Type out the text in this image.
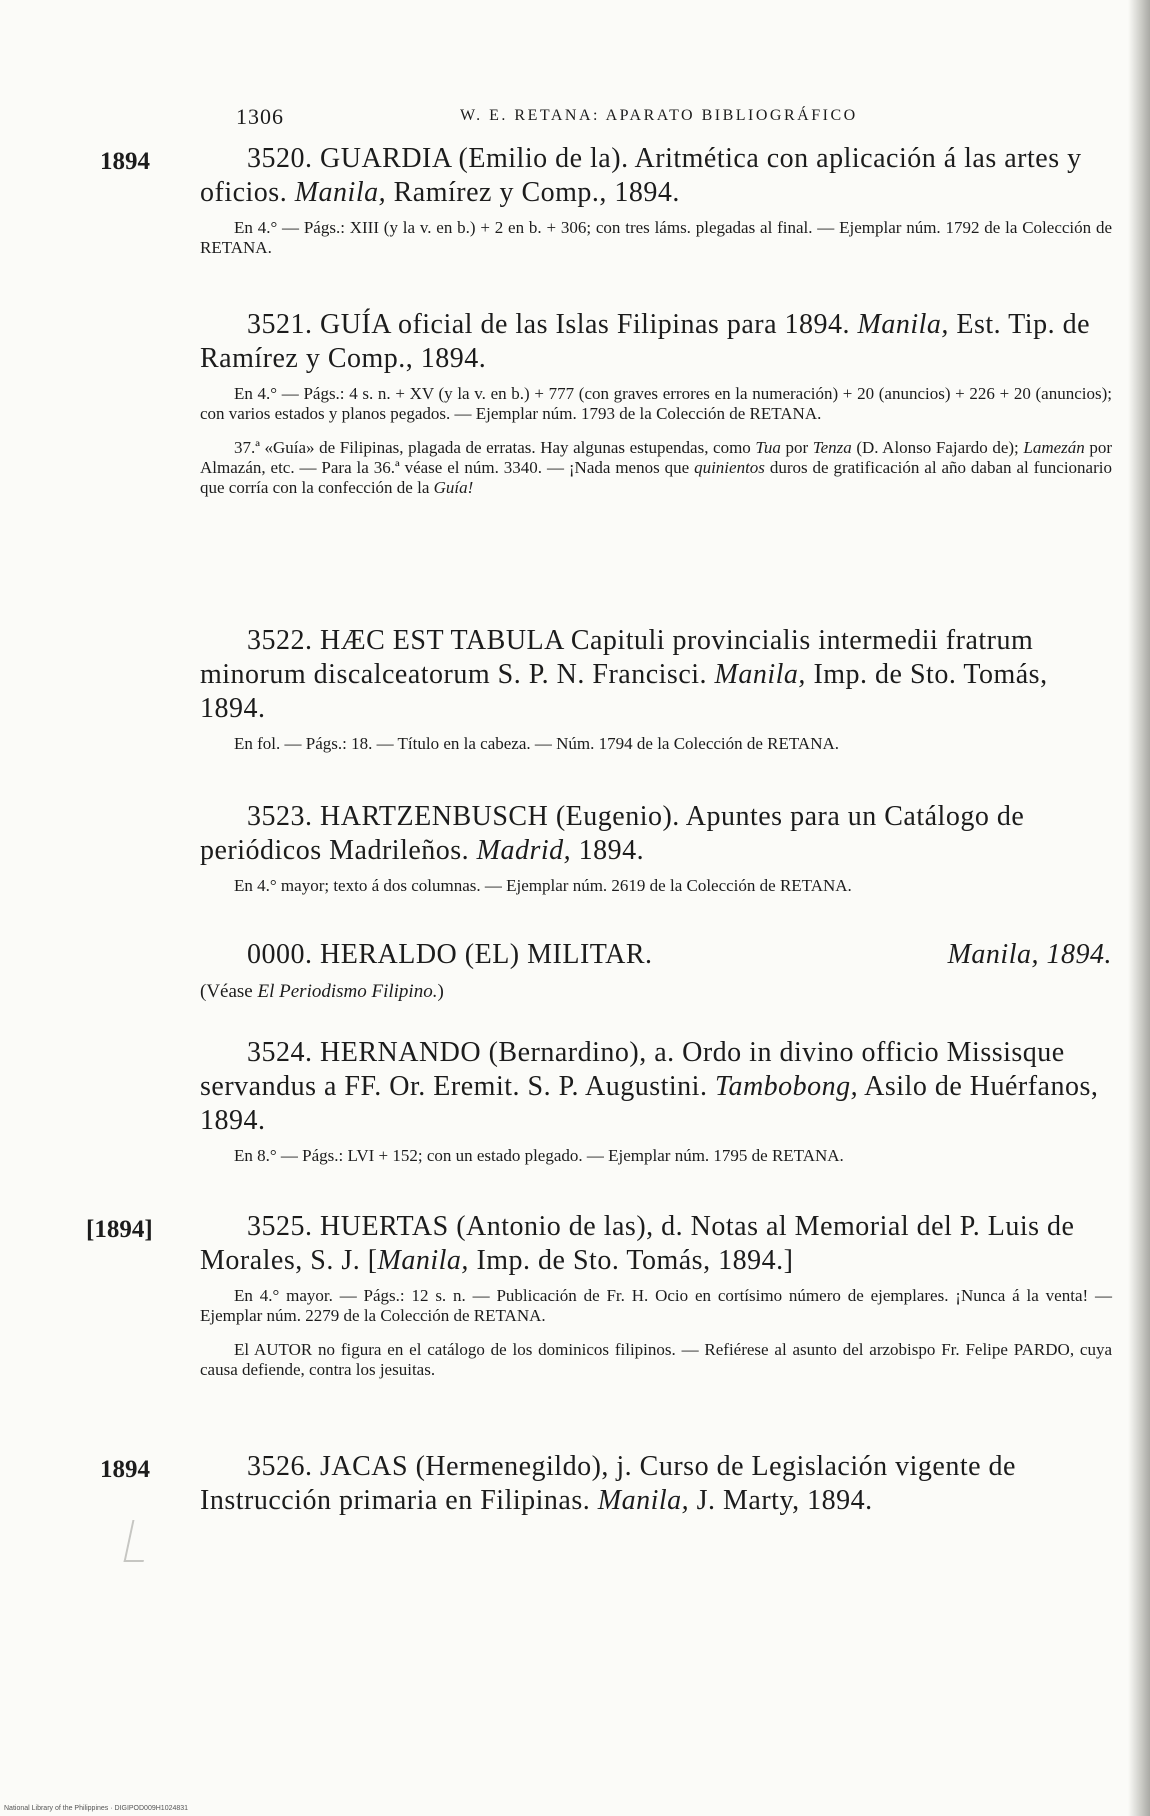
1306	W. E. RETANA: APARATO BIBLIOGRÁFICO
1894	3520. GUARDIA (Emilio de la). Aritmética con aplicación á las artes y oficios. Manila, Ramírez y Comp., 1894.

En 4.° — Págs.: XIII (y la v. en b.) + 2 en b. + 306; con tres láms. plegadas al final. — Ejemplar núm. 1792 de la Colección de RETANA.

3521. GUÍA oficial de las Islas Filipinas para 1894. Manila, Est. Tip. de Ramírez y Comp., 1894.

En 4.° — Págs.: 4 s. n. + XV (y la v. en b.) + 777 (con graves errores en la numeración) + 20 (anuncios) + 226 + 20 (anuncios); con varios estados y planos pegados. — Ejemplar núm. 1793 de la Colección de RETANA.

37.ª «Guía» de Filipinas, plagada de erratas. Hay algunas estupendas, como Tua por Tenza (D. Alonso Fajardo de); Lamezán por Almazán, etc. — Para la 36.ª véase el núm. 3340. — ¡Nada menos que quinientos duros de gratificación al año daban al funcionario que corría con la confección de la Guía!

3522. HÆC EST TABULA Capituli provincialis intermedii fratrum minorum discalceatorum S. P. N. Francisci. Manila, Imp. de Sto. Tomás, 1894.

En fol. — Págs.: 18. — Título en la cabeza. — Núm. 1794 de la Colección de RETANA.

3523. HARTZENBUSCH (Eugenio). Apuntes para un Catálogo de periódicos Madrileños. Madrid, 1894.

En 4.° mayor; texto á dos columnas. — Ejemplar núm. 2619 de la Colección de RETANA.

0000. HERALDO (EL) MILITAR.	Manila, 1894.

(Véase El Periodismo Filipino.)

3524. HERNANDO (Bernardino), a. Ordo in divino officio Missisque servandus a FF. Or. Eremit. S. P. Augustini. Tambobong, Asilo de Huérfanos, 1894.

En 8.° — Págs.: LVI + 152; con un estado plegado. — Ejemplar núm. 1795 de RETANA.

[1894]	3525. HUERTAS (Antonio de las), d. Notas al Memorial del P. Luis de Morales, S. J. [Manila, Imp. de Sto. Tomás, 1894.]

En 4.° mayor. — Págs.: 12 s. n. — Publicación de Fr. H. Ocio en cortísimo número de ejemplares. ¡Nunca á la venta! — Ejemplar núm. 2279 de la Colección de RETANA.

El AUTOR no figura en el catálogo de los dominicos filipinos. — Refiérese al asunto del arzobispo Fr. Felipe PARDO, cuya causa defiende, contra los jesuitas.

1894	3526. JACAS (Hermenegildo), j. Curso de Legislación vigente de Instrucción primaria en Filipinas. Manila, J. Marty, 1894.

National Library of the Philippines · DIGIPOD009H1024831
